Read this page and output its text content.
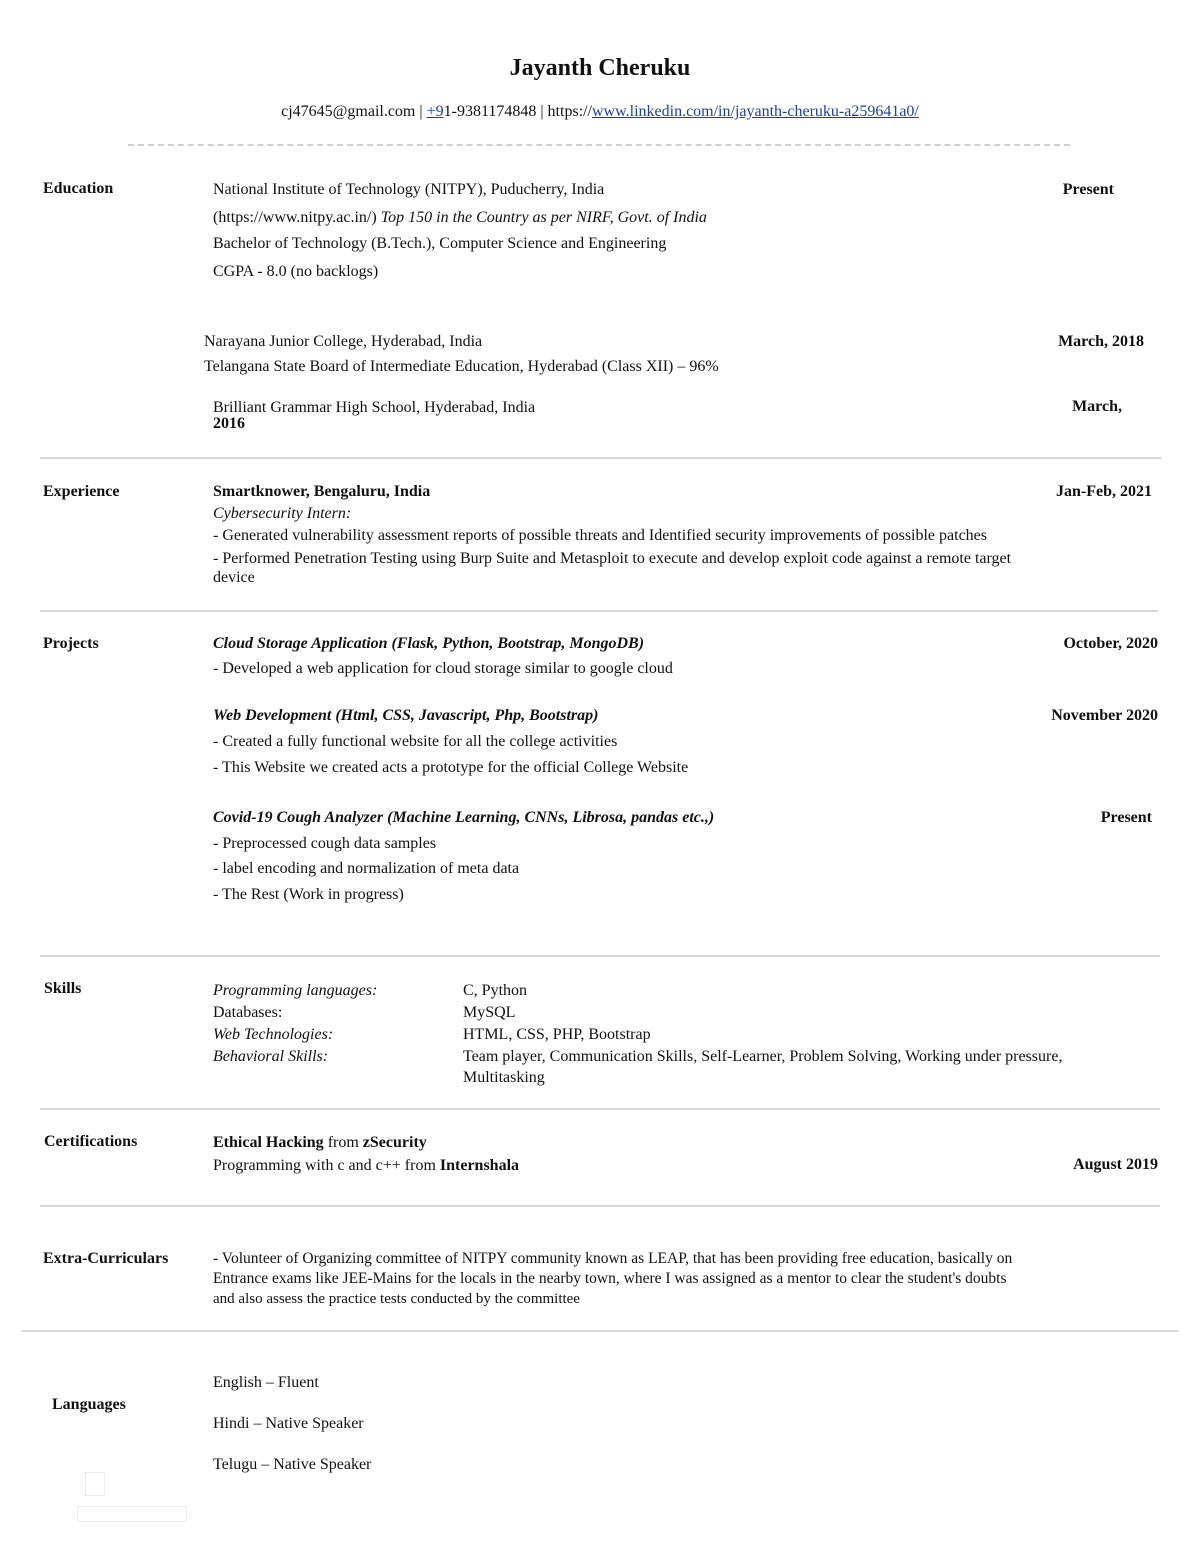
Jayanth Cheruku
cj47645@gmail.com | +91-9381174848 | https://www.linkedin.com/in/jayanth-cheruku-a259641a0/
Education	National Institute of Technology (NITPY), Puducherry, India	Present
(https://www.nitpy.ac.in/) Top 150 in the Country as per NIRF, Govt. of India
Bachelor of Technology (B.Tech.), Computer Science and Engineering
CGPA - 8.0 (no backlogs)
Narayana Junior College, Hyderabad, India	March, 2018
Telangana State Board of Intermediate Education, Hyderabad (Class XII) – 96%
Brilliant Grammar High School, Hyderabad, India	March,
2016
Experience	Smartknower, Bengaluru, India	Jan-Feb, 2021
Cybersecurity Intern:
- Generated vulnerability assessment reports of possible threats and Identified security improvements of possible patches
- Performed Penetration Testing using Burp Suite and Metasploit to execute and develop exploit code against a remote target
device
Projects	Cloud Storage Application (Flask, Python, Bootstrap, MongoDB)	October, 2020
- Developed a web application for cloud storage similar to google cloud
Web Development (Html, CSS, Javascript, Php, Bootstrap)	November 2020
- Created a fully functional website for all the college activities
- This Website we created acts a prototype for the official College Website
Covid-19 Cough Analyzer (Machine Learning, CNNs, Librosa, pandas etc.,)	Present
- Preprocessed cough data samples
- label encoding and normalization of meta data
- The Rest (Work in progress)
Skills	Programming languages:	C, Python
Databases:	MySQL
Web Technologies:	HTML, CSS, PHP, Bootstrap
Behavioral Skills:	Team player, Communication Skills, Self-Learner, Problem Solving, Working under pressure,
Multitasking
Certifications	Ethical Hacking from zSecurity
Programming with c and c++ from Internshala	August 2019
Extra-Curriculars	- Volunteer of Organizing committee of NITPY community known as LEAP, that has been providing free education, basically on
Entrance exams like JEE-Mains for the locals in the nearby town, where I was assigned as a mentor to clear the student's doubts
and also assess the practice tests conducted by the committee
Languages
English – Fluent
Hindi – Native Speaker
Telugu – Native Speaker
